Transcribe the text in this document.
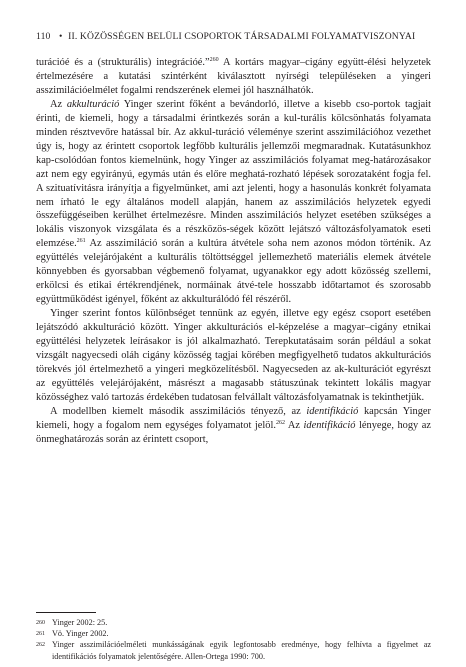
110 • II. KÖZÖSSÉGEN BELÜLI CSOPORTOK TÁRSADALMI FOLYAMATVISZONYAI

turációé és a (strukturális) integrációé.”$^{260}$ A kortárs magyar–cigány együtt-élési helyzetek értelmezésére a kutatási szintérként kiválasztott nyírségi településeken a yingeri asszimilációelmélet fogalmi rendszerének elemei jól használhatók.

Az akkulturáció Yinger szerint főként a bevándorló, illetve a kisebb cso-portok tagjait érinti, de kiemeli, hogy a társadalmi érintkezés során a kul-turális kölcsönhatás folyamata minden résztvevőre hatással bír. Az akkul-turáció véleménye szerint asszimilációhoz vezethet úgy is, hogy az érintett csoportok legfőbb kulturális jellemzői megmaradnak. Kutatásunkhoz kap-csolódóan fontos kiemelnünk, hogy Yinger az asszimilációs folyamat meg-határozásakor azt nem egy egyirányú, egymás után és előre meghatá-rozható lépések sorozataként fogja fel. A szituatívitásra irányítja a figyelmünket, ami azt jelenti, hogy a hasonulás konkrét folyamata nem írható le egy általános modell alapján, hanem az asszimilációs helyzetek egyedi összefüggéseiben kerülhet értelmezésre. Minden asszimilációs helyzet esetében szükséges a lokális viszonyok vizsgálata és a részközös-ségek között lejátszó változásfolyamatok eseti elemzése.$^{261}$ Az asszimiláció során a kultúra átvétele soha nem azonos módon történik. Az együttélés velejárójaként a kulturális töltöttséggel jellemezhető materiális elemek átvétele könnyebben és gyorsabban végbemenő folyamat, ugyanakkor egy adott közösség szellemi, erkölcsi és etikai értékrendjének, normáinak átvé-tele hosszabb időtartamot és szorosabb együttműködést igényel, főként az akkulturálódó fél részéről.

Yinger szerint fontos különbséget tennünk az egyén, illetve egy egész csoport esetében lejátszódó akkulturáció között. Yinger akkulturációs el-képzelése a magyar–cigány etnikai együttélési helyzetek leírásakor is jól alkalmazható. Terepkutatásaim során például a sokat vizsgált nagyecsedi oláh cigány közösség tagjai körében megfigyelhető tudatos akkulturációs törekvés jól értelmezhető a yingeri megközelítésből. Nagyecseden az ak-kulturációt egyrészt az együttélés velejárójaként, másrészt a magasabb státuszúnak tekintett lokális magyar közösséghez való tartozás érdekében tudatosan felvállalt változásfolyamatnak is tekinthetjük.

A modellben kiemelt második asszimilációs tényező, az identifikáció kapcsán Yinger kiemeli, hogy a fogalom nem egységes folyamatot jelöl.$^{262}$ Az identifikáció lényege, hogy az önmeghatározás során az érintett csoport,

260 Yinger 2002: 25.
261 Vö. Yinger 2002.
262 Yinger asszimilációelméleti munkásságának egyik legfontosabb eredménye, hogy felhívta a figyelmet az identifikációs folyamatok jelentőségére. Allen-Ortega 1990: 700.
